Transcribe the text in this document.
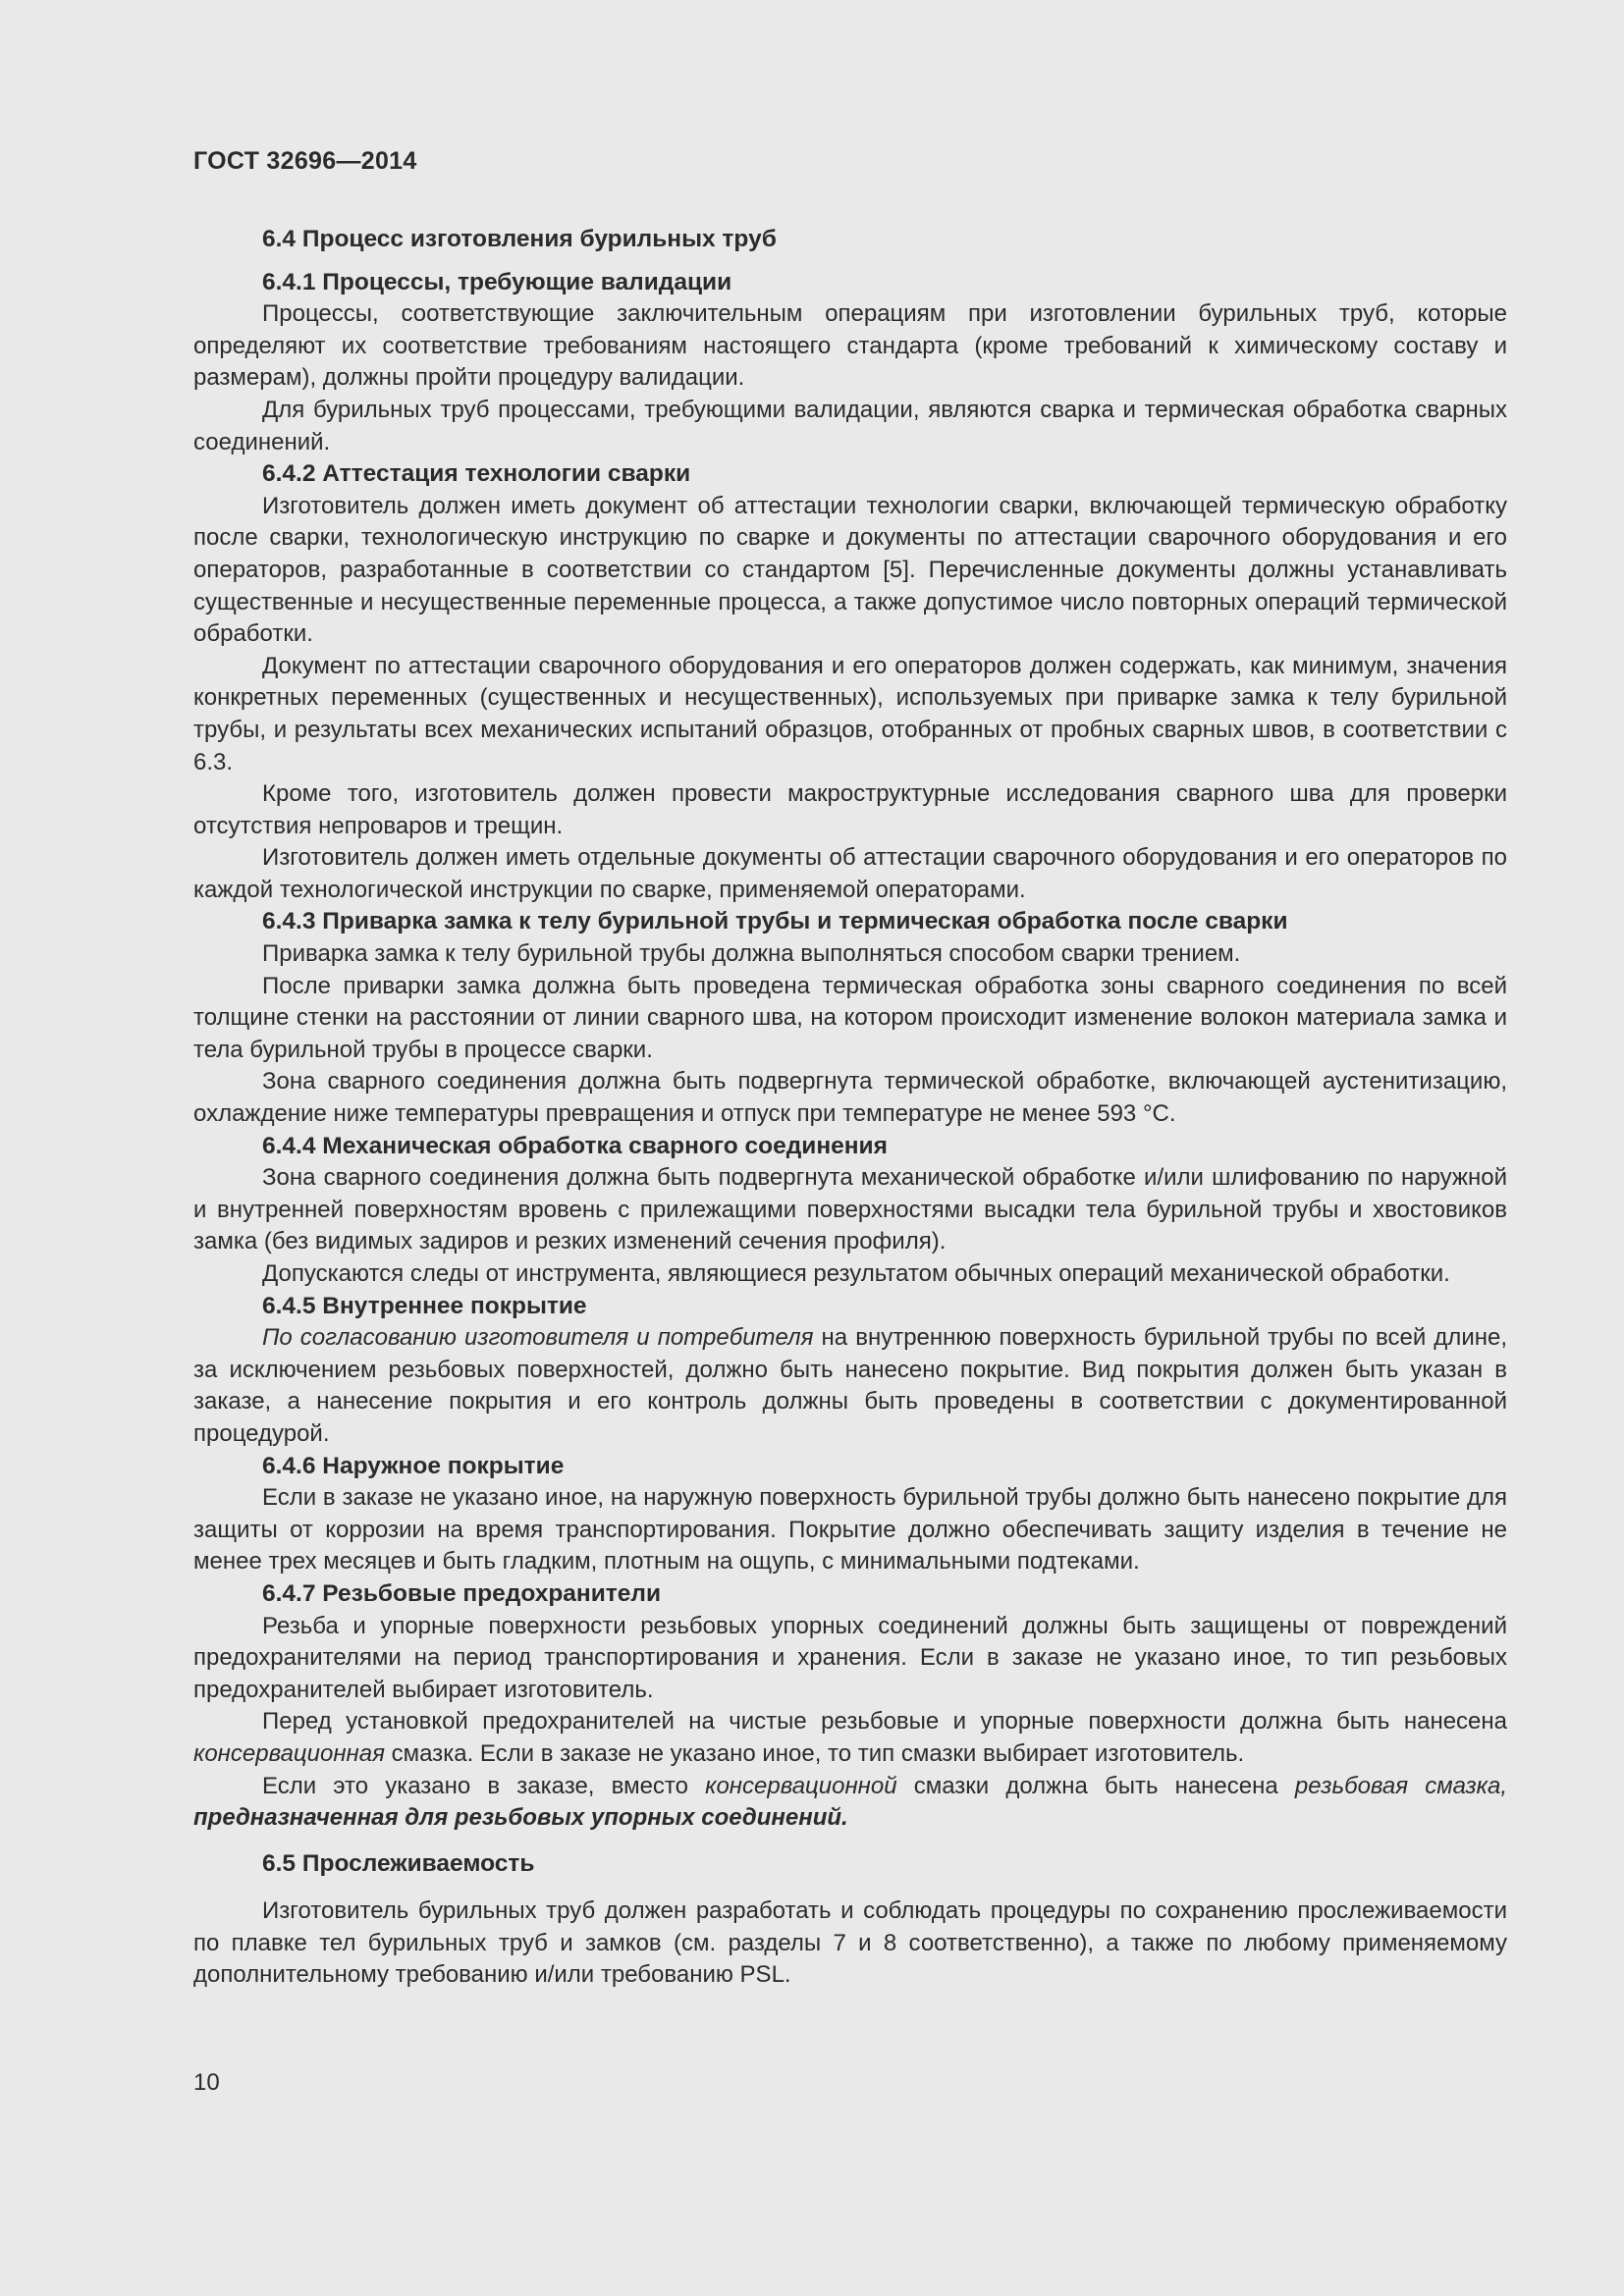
ГОСТ 32696—2014
6.4 Процесс изготовления бурильных труб
6.4.1 Процессы, требующие валидации

Процессы, соответствующие заключительным операциям при изготовлении бурильных труб, которые определяют их соответствие требованиям настоящего стандарта (кроме требований к химическому составу и размерам), должны пройти процедуру валидации.

Для бурильных труб процессами, требующими валидации, являются сварка и термическая обработка сварных соединений.

6.4.2 Аттестация технологии сварки

Изготовитель должен иметь документ об аттестации технологии сварки, включающей термическую обработку после сварки, технологическую инструкцию по сварке и документы по аттестации сварочного оборудования и его операторов, разработанные в соответствии со стандартом [5]. Перечисленные документы должны устанавливать существенные и несущественные переменные процесса, а также допустимое число повторных операций термической обработки.

Документ по аттестации сварочного оборудования и его операторов должен содержать, как минимум, значения конкретных переменных (существенных и несущественных), используемых при приварке замка к телу бурильной трубы, и результаты всех механических испытаний образцов, отобранных от пробных сварных швов, в соответствии с 6.3.

Кроме того, изготовитель должен провести макроструктурные исследования сварного шва для проверки отсутствия непроваров и трещин.

Изготовитель должен иметь отдельные документы об аттестации сварочного оборудования и его операторов по каждой технологической инструкции по сварке, применяемой операторами.

6.4.3 Приварка замка к телу бурильной трубы и термическая обработка после сварки

Приварка замка к телу бурильной трубы должна выполняться способом сварки трением.

После приварки замка должна быть проведена термическая обработка зоны сварного соединения по всей толщине стенки на расстоянии от линии сварного шва, на котором происходит изменение волокон материала замка и тела бурильной трубы в процессе сварки.

Зона сварного соединения должна быть подвергнута термической обработке, включающей аустенитизацию, охлаждение ниже температуры превращения и отпуск при температуре не менее 593 °C.

6.4.4 Механическая обработка сварного соединения

Зона сварного соединения должна быть подвергнута механической обработке и/или шлифованию по наружной и внутренней поверхностям вровень с прилежащими поверхностями высадки тела бурильной трубы и хвостовиков замка (без видимых задиров и резких изменений сечения профиля).

Допускаются следы от инструмента, являющиеся результатом обычных операций механической обработки.

6.4.5 Внутреннее покрытие

По согласованию изготовителя и потребителя на внутреннюю поверхность бурильной трубы по всей длине, за исключением резьбовых поверхностей, должно быть нанесено покрытие. Вид покрытия должен быть указан в заказе, а нанесение покрытия и его контроль должны быть проведены в соответствии с документированной процедурой.

6.4.6 Наружное покрытие

Если в заказе не указано иное, на наружную поверхность бурильной трубы должно быть нанесено покрытие для защиты от коррозии на время транспортирования. Покрытие должно обеспечивать защиту изделия в течение не менее трех месяцев и быть гладким, плотным на ощупь, с минимальными подтеками.

6.4.7 Резьбовые предохранители

Резьба и упорные поверхности резьбовых упорных соединений должны быть защищены от повреждений предохранителями на период транспортирования и хранения. Если в заказе не указано иное, то тип резьбовых предохранителей выбирает изготовитель.

Перед установкой предохранителей на чистые резьбовые и упорные поверхности должна быть нанесена консервационная смазка. Если в заказе не указано иное, то тип смазки выбирает изготовитель.

Если это указано в заказе, вместо консервационной смазки должна быть нанесена резьбовая смазка, предназначенная для резьбовых упорных соединений.

6.5 Прослеживаемость

Изготовитель бурильных труб должен разработать и соблюдать процедуры по сохранению прослеживаемости по плавке тел бурильных труб и замков (см. разделы 7 и 8 соответственно), а также по любому применяемому дополнительному требованию и/или требованию PSL.

10
